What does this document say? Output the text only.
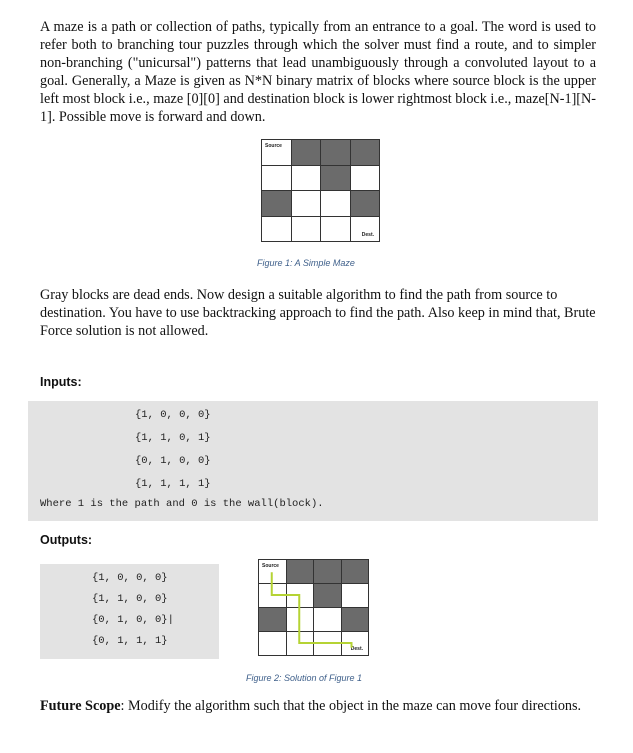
A maze is a path or collection of paths, typically from an entrance to a goal. The word is used to refer both to branching tour puzzles through which the solver must find a route, and to simpler non-branching ("unicursal") patterns that lead unambiguously through a convoluted layout to a goal. Generally, a Maze is given as N*N binary matrix of blocks where source block is the upper left most block i.e., maze [0][0] and destination block is lower rightmost block i.e., maze[N-1][N-1]. Possible move is forward and down.

Source
Dest.
Figure 1: A Simple Maze

Gray blocks are dead ends. Now design a suitable algorithm to find the path from source to destination. You have to use backtracking approach to find the path. Also keep in mind that, Brute Force solution is not allowed.

Inputs:
{1, 0, 0, 0}
{1, 1, 0, 1}
{0, 1, 0, 0}
{1, 1, 1, 1}
Where 1 is the path and 0 is the wall(block).
Outputs:
{1, 0, 0, 0}
{1, 1, 0, 0}
{0, 1, 0, 0}|
{0, 1, 1, 1}
Source
Dest.
Figure 2: Solution of Figure 1

Future Scope: Modify the algorithm such that the object in the maze can move four directions.
